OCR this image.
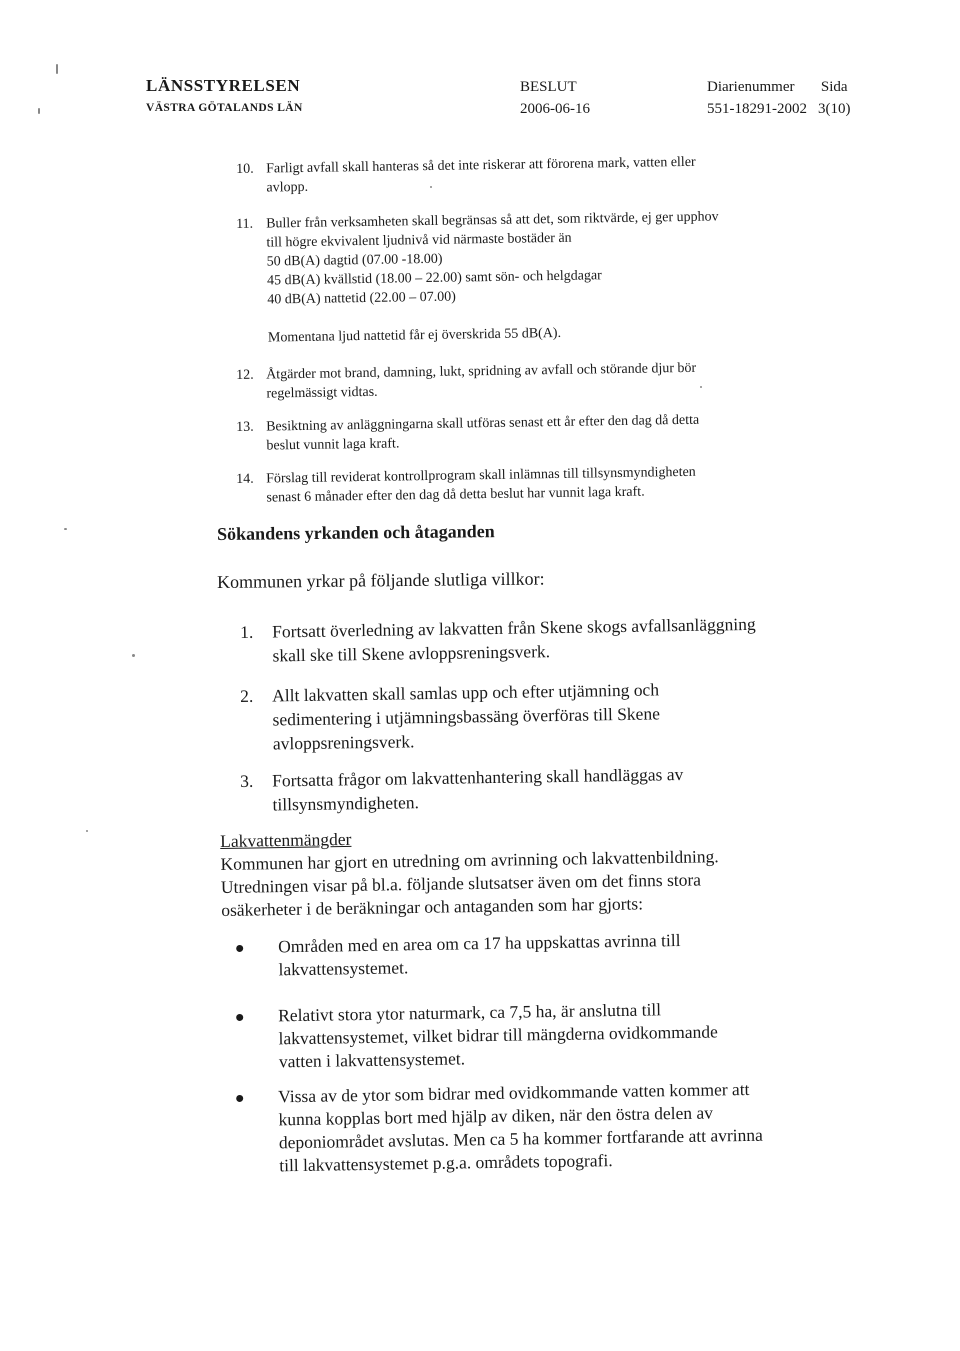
LÄNSSTYRELSEN
VÄSTRA GÖTALANDS LÄN
BESLUT
2006-06-16
Diarienummer
551-18291-2002
Sida
3(10)
10. Farligt avfall skall hanteras så det inte riskerar att förorena mark, vatten eller
avlopp.
11. Buller från verksamheten skall begränsas så att det, som riktvärde, ej ger upphov
till högre ekvivalent ljudnivå vid närmaste bostäder än
50 dB(A) dagtid (07.00 -18.00)
45 dB(A) kvällstid (18.00 – 22.00) samt sön- och helgdagar
40 dB(A) nattetid (22.00 – 07.00)
Momentana ljud nattetid får ej överskrida 55 dB(A).
12. Åtgärder mot brand, damning, lukt, spridning av avfall och störande djur bör
regelmässigt vidtas.
13. Besiktning av anläggningarna skall utföras senast ett år efter den dag då detta
beslut vunnit laga kraft.
14. Förslag till reviderat kontrollprogram skall inlämnas till tillsynsmyndigheten
senast 6 månader efter den dag då detta beslut har vunnit laga kraft.
Sökandens yrkanden och åtaganden
Kommunen yrkar på följande slutliga villkor:
1. Fortsatt överledning av lakvatten från Skene skogs avfallsanläggning
skall ske till Skene avloppsreningsverk.
2. Allt lakvatten skall samlas upp och efter utjämning och
sedimentering i utjämningsbassäng överföras till Skene
avloppsreningsverk.
3. Fortsatta frågor om lakvattenhantering skall handläggas av
tillsynsmyndigheten.
Lakvattenmängder
Kommunen har gjort en utredning om avrinning och lakvattenbildning.
Utredningen visar på bl.a. följande slutsatser även om det finns stora
osäkerheter i de beräkningar och antaganden som har gjorts:
Områden med en area om ca 17 ha uppskattas avrinna till
lakvattensystemet.
Relativt stora ytor naturmark, ca 7,5 ha, är anslutna till
lakvattensystemet, vilket bidrar till mängderna ovidkommande
vatten i lakvattensystemet.
Vissa av de ytor som bidrar med ovidkommande vatten kommer att
kunna kopplas bort med hjälp av diken, när den östra delen av
deponiområdet avslutas. Men ca 5 ha kommer fortfarande att avrinna
till lakvattensystemet p.g.a. områdets topografi.
